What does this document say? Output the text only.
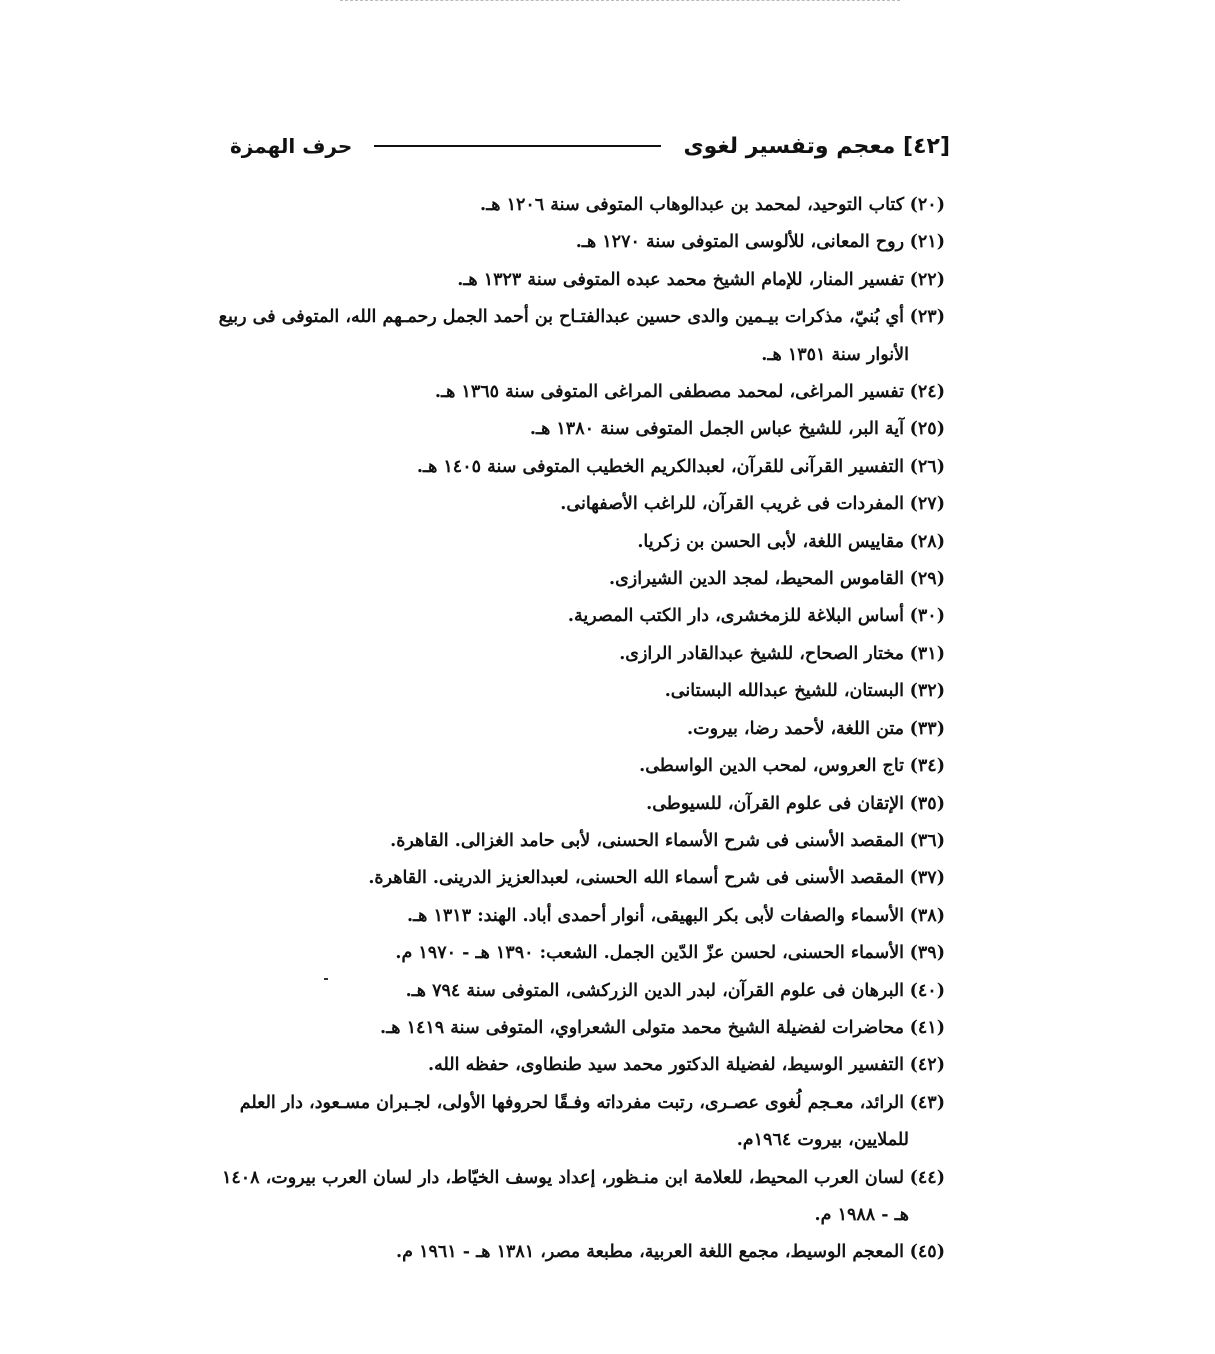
[٤٢] معجم وتفسير لغوى
حرف الهمزة
(٢٠) كتاب التوحيد، لمحمد بن عبدالوهاب المتوفى سنة ١٢٠٦ هـ.
(٢١) روح المعانى، للألوسى المتوفى سنة ١٢٧٠ هـ.
(٢٢) تفسير المنار، للإمام الشيخ محمد عبده المتوفى سنة ١٣٢٣ هـ.
(٢٣) أي بُنيّ، مذكرات بيـمين والدى حسين عبدالفتـاح بن أحمد الجمل رحمـهم الله، المتوفى فى ربيع الأنوار سنة ١٣٥١ هـ.
(٢٤) تفسير المراغى، لمحمد مصطفى المراغى المتوفى سنة ١٣٦٥ هـ.
(٢٥) آية البر، للشيخ عباس الجمل المتوفى سنة ١٣٨٠ هـ.
(٢٦) التفسير القرآنى للقرآن، لعبدالكريم الخطيب المتوفى سنة ١٤٠٥ هـ.
(٢٧) المفردات فى غريب القرآن، للراغب الأصفهانى.
(٢٨) مقاييس اللغة، لأبى الحسن بن زكريا.
(٢٩) القاموس المحيط، لمجد الدين الشيرازى.
(٣٠) أساس البلاغة للزمخشرى، دار الكتب المصرية.
(٣١) مختار الصحاح، للشيخ عبدالقادر الرازى.
(٣٢) البستان، للشيخ عبدالله البستانى.
(٣٣) متن اللغة، لأحمد رضا، بيروت.
(٣٤) تاج العروس، لمحب الدين الواسطى.
(٣٥) الإتقان فى علوم القرآن، للسيوطى.
(٣٦) المقصد الأسنى فى شرح الأسماء الحسنى، لأبى حامد الغزالى. القاهرة.
(٣٧) المقصد الأسنى فى شرح أسماء الله الحسنى، لعبدالعزيز الدرينى. القاهرة.
(٣٨) الأسماء والصفات لأبى بكر البهيقى، أنوار أحمدى أباد. الهند: ١٣١٣ هـ.
(٣٩) الأسماء الحسنى، لحسن عزّ الدّين الجمل. الشعب: ١٣٩٠ هـ - ١٩٧٠ م.
(٤٠) البرهان فى علوم القرآن، لبدر الدين الزركشى، المتوفى سنة ٧٩٤ هـ.
(٤١) محاضرات لفضيلة الشيخ محمد متولى الشعراوي، المتوفى سنة ١٤١٩ هـ.
(٤٢) التفسير الوسيط، لفضيلة الدكتور محمد سيد طنطاوى، حفظه الله.
(٤٣) الرائد، معـجم لُغوى عصـرى، رتبت مفرداته وفـقًا لحروفها الأولى، لجـبران مسـعود، دار العلم للملايين، بيروت ١٩٦٤م.
(٤٤) لسان العرب المحيط، للعلامة ابن منـظور، إعداد يوسف الخيّاط، دار لسان العرب بيروت، ١٤٠٨ هـ - ١٩٨٨ م.
(٤٥) المعجم الوسيط، مجمع اللغة العربية، مطبعة مصر، ١٣٨١ هـ - ١٩٦١ م.
